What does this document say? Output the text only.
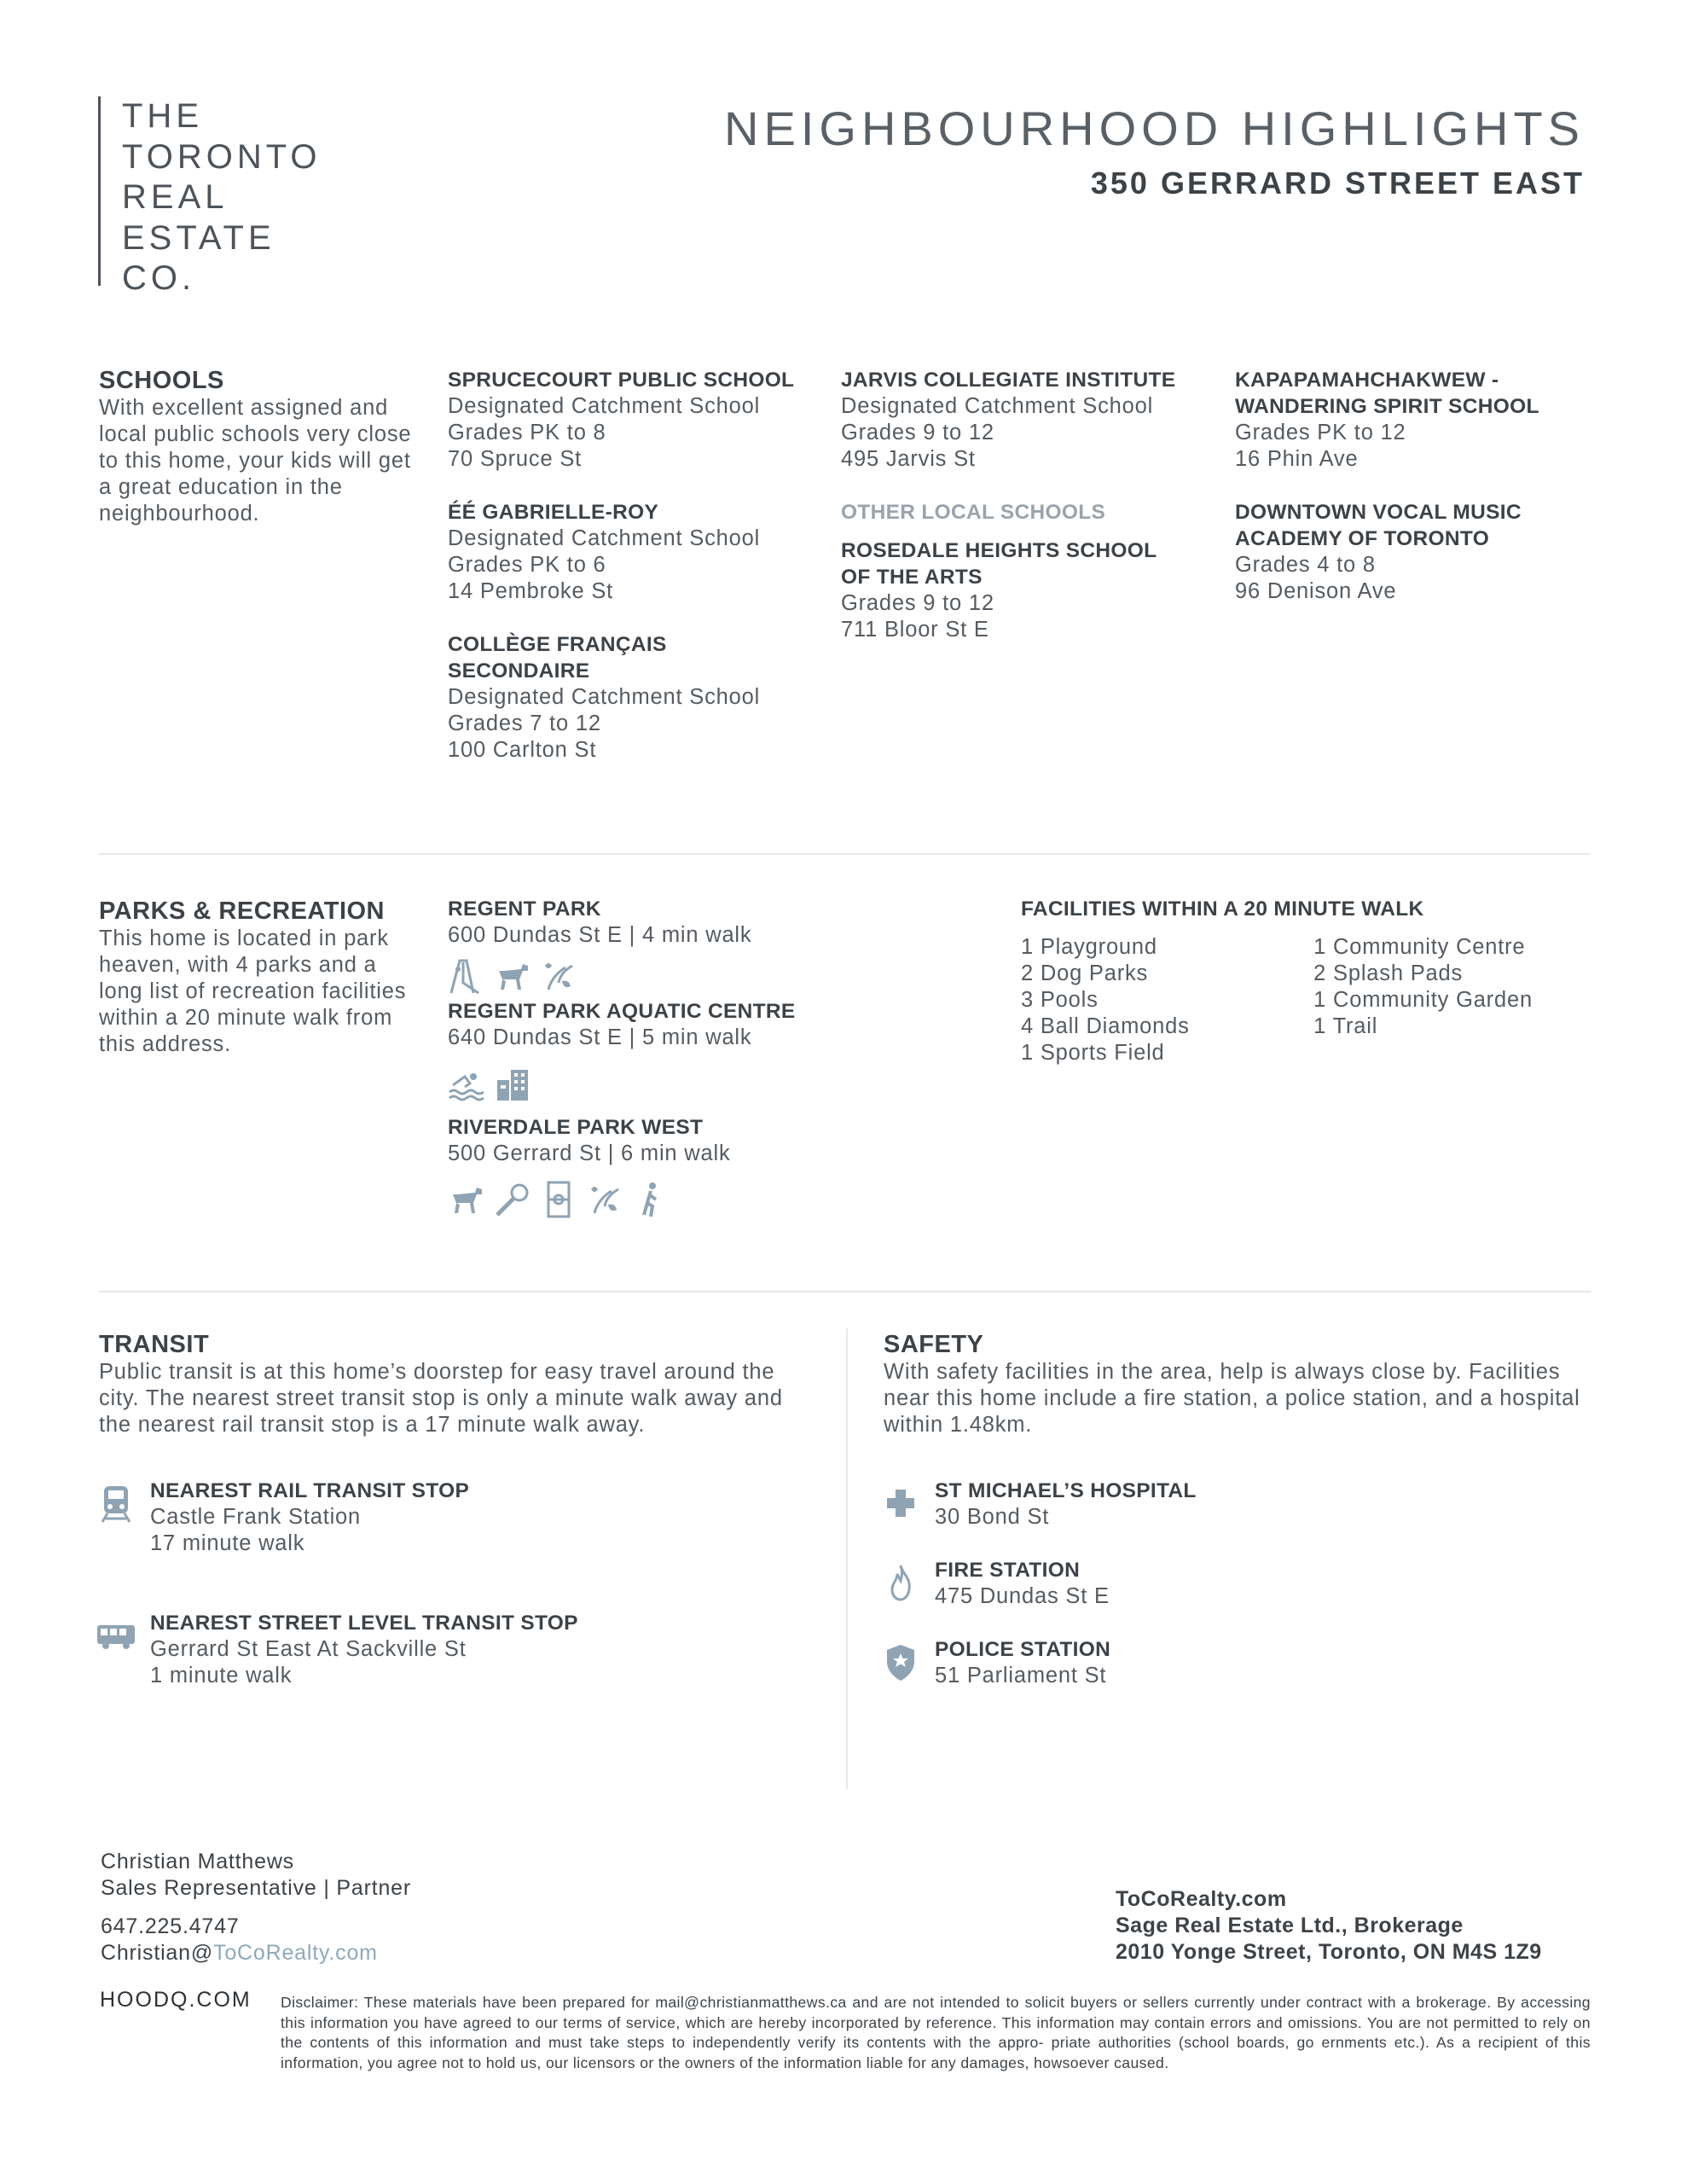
THE
TORONTO
REAL
ESTATE
CO.
NEIGHBOURHOOD HIGHLIGHTS
350 GERRARD STREET EAST
SCHOOLS
With excellent assigned and local public schools very close to this home, your kids will get a great education in the neighbourhood.
SPRUCECOURT PUBLIC SCHOOL
Designated Catchment School
Grades PK to 8
70 Spruce St
ÉÉ GABRIELLE-ROY
Designated Catchment School
Grades PK to 6
14 Pembroke St
COLLÈGE FRANÇAIS SECONDAIRE
Designated Catchment School
Grades 7 to 12
100 Carlton St
JARVIS COLLEGIATE INSTITUTE
Designated Catchment School
Grades 9 to 12
495 Jarvis St
OTHER LOCAL SCHOOLS
ROSEDALE HEIGHTS SCHOOL OF THE ARTS
Grades 9 to 12
711 Bloor St E
KAPAPAMAHCHAKWEW - WANDERING SPIRIT SCHOOL
Grades PK to 12
16 Phin Ave
DOWNTOWN VOCAL MUSIC ACADEMY OF TORONTO
Grades 4 to 8
96 Denison Ave
PARKS & RECREATION
This home is located in park heaven, with 4 parks and a long list of recreation facilities within a 20 minute walk from this address.
REGENT PARK
600 Dundas St E | 4 min walk
REGENT PARK AQUATIC CENTRE
640 Dundas St E | 5 min walk
RIVERDALE PARK WEST
500 Gerrard St | 6 min walk
FACILITIES WITHIN A 20 MINUTE WALK
1 Playground
2 Dog Parks
3 Pools
4 Ball Diamonds
1 Sports Field
1 Community Centre
2 Splash Pads
1 Community Garden
1 Trail
TRANSIT
Public transit is at this home’s doorstep for easy travel around the city. The nearest street transit stop is only a minute walk away and the nearest rail transit stop is a 17 minute walk away.
NEAREST RAIL TRANSIT STOP
Castle Frank Station
17 minute walk
NEAREST STREET LEVEL TRANSIT STOP
Gerrard St East At Sackville St
1 minute walk
SAFETY
With safety facilities in the area, help is always close by. Facilities near this home include a fire station, a police station, and a hospital within 1.48km.
ST MICHAEL’S HOSPITAL
30 Bond St
FIRE STATION
475 Dundas St E
POLICE STATION
51 Parliament St
Christian Matthews
Sales Representative | Partner
647.225.4747
Christian@ToCoRealty.com
ToCoRealty.com
Sage Real Estate Ltd., Brokerage
2010 Yonge Street, Toronto, ON M4S 1Z9
HOODQ.COM Disclaimer: These materials have been prepared for mail@christianmatthews.ca and are not intended to solicit buyers or sellers currently under contract with a brokerage. By accessing this information you have agreed to our terms of service, which are hereby incorporated by reference. This information may contain errors and omissions. You are not permitted to rely on the contents of this information and must take steps to independently verify its contents with the appro- priate authorities (school boards, go ernments etc.). As a recipient of this information, you agree not to hold us, our licensors or the owners of the information liable for any damages, howsoever caused.
